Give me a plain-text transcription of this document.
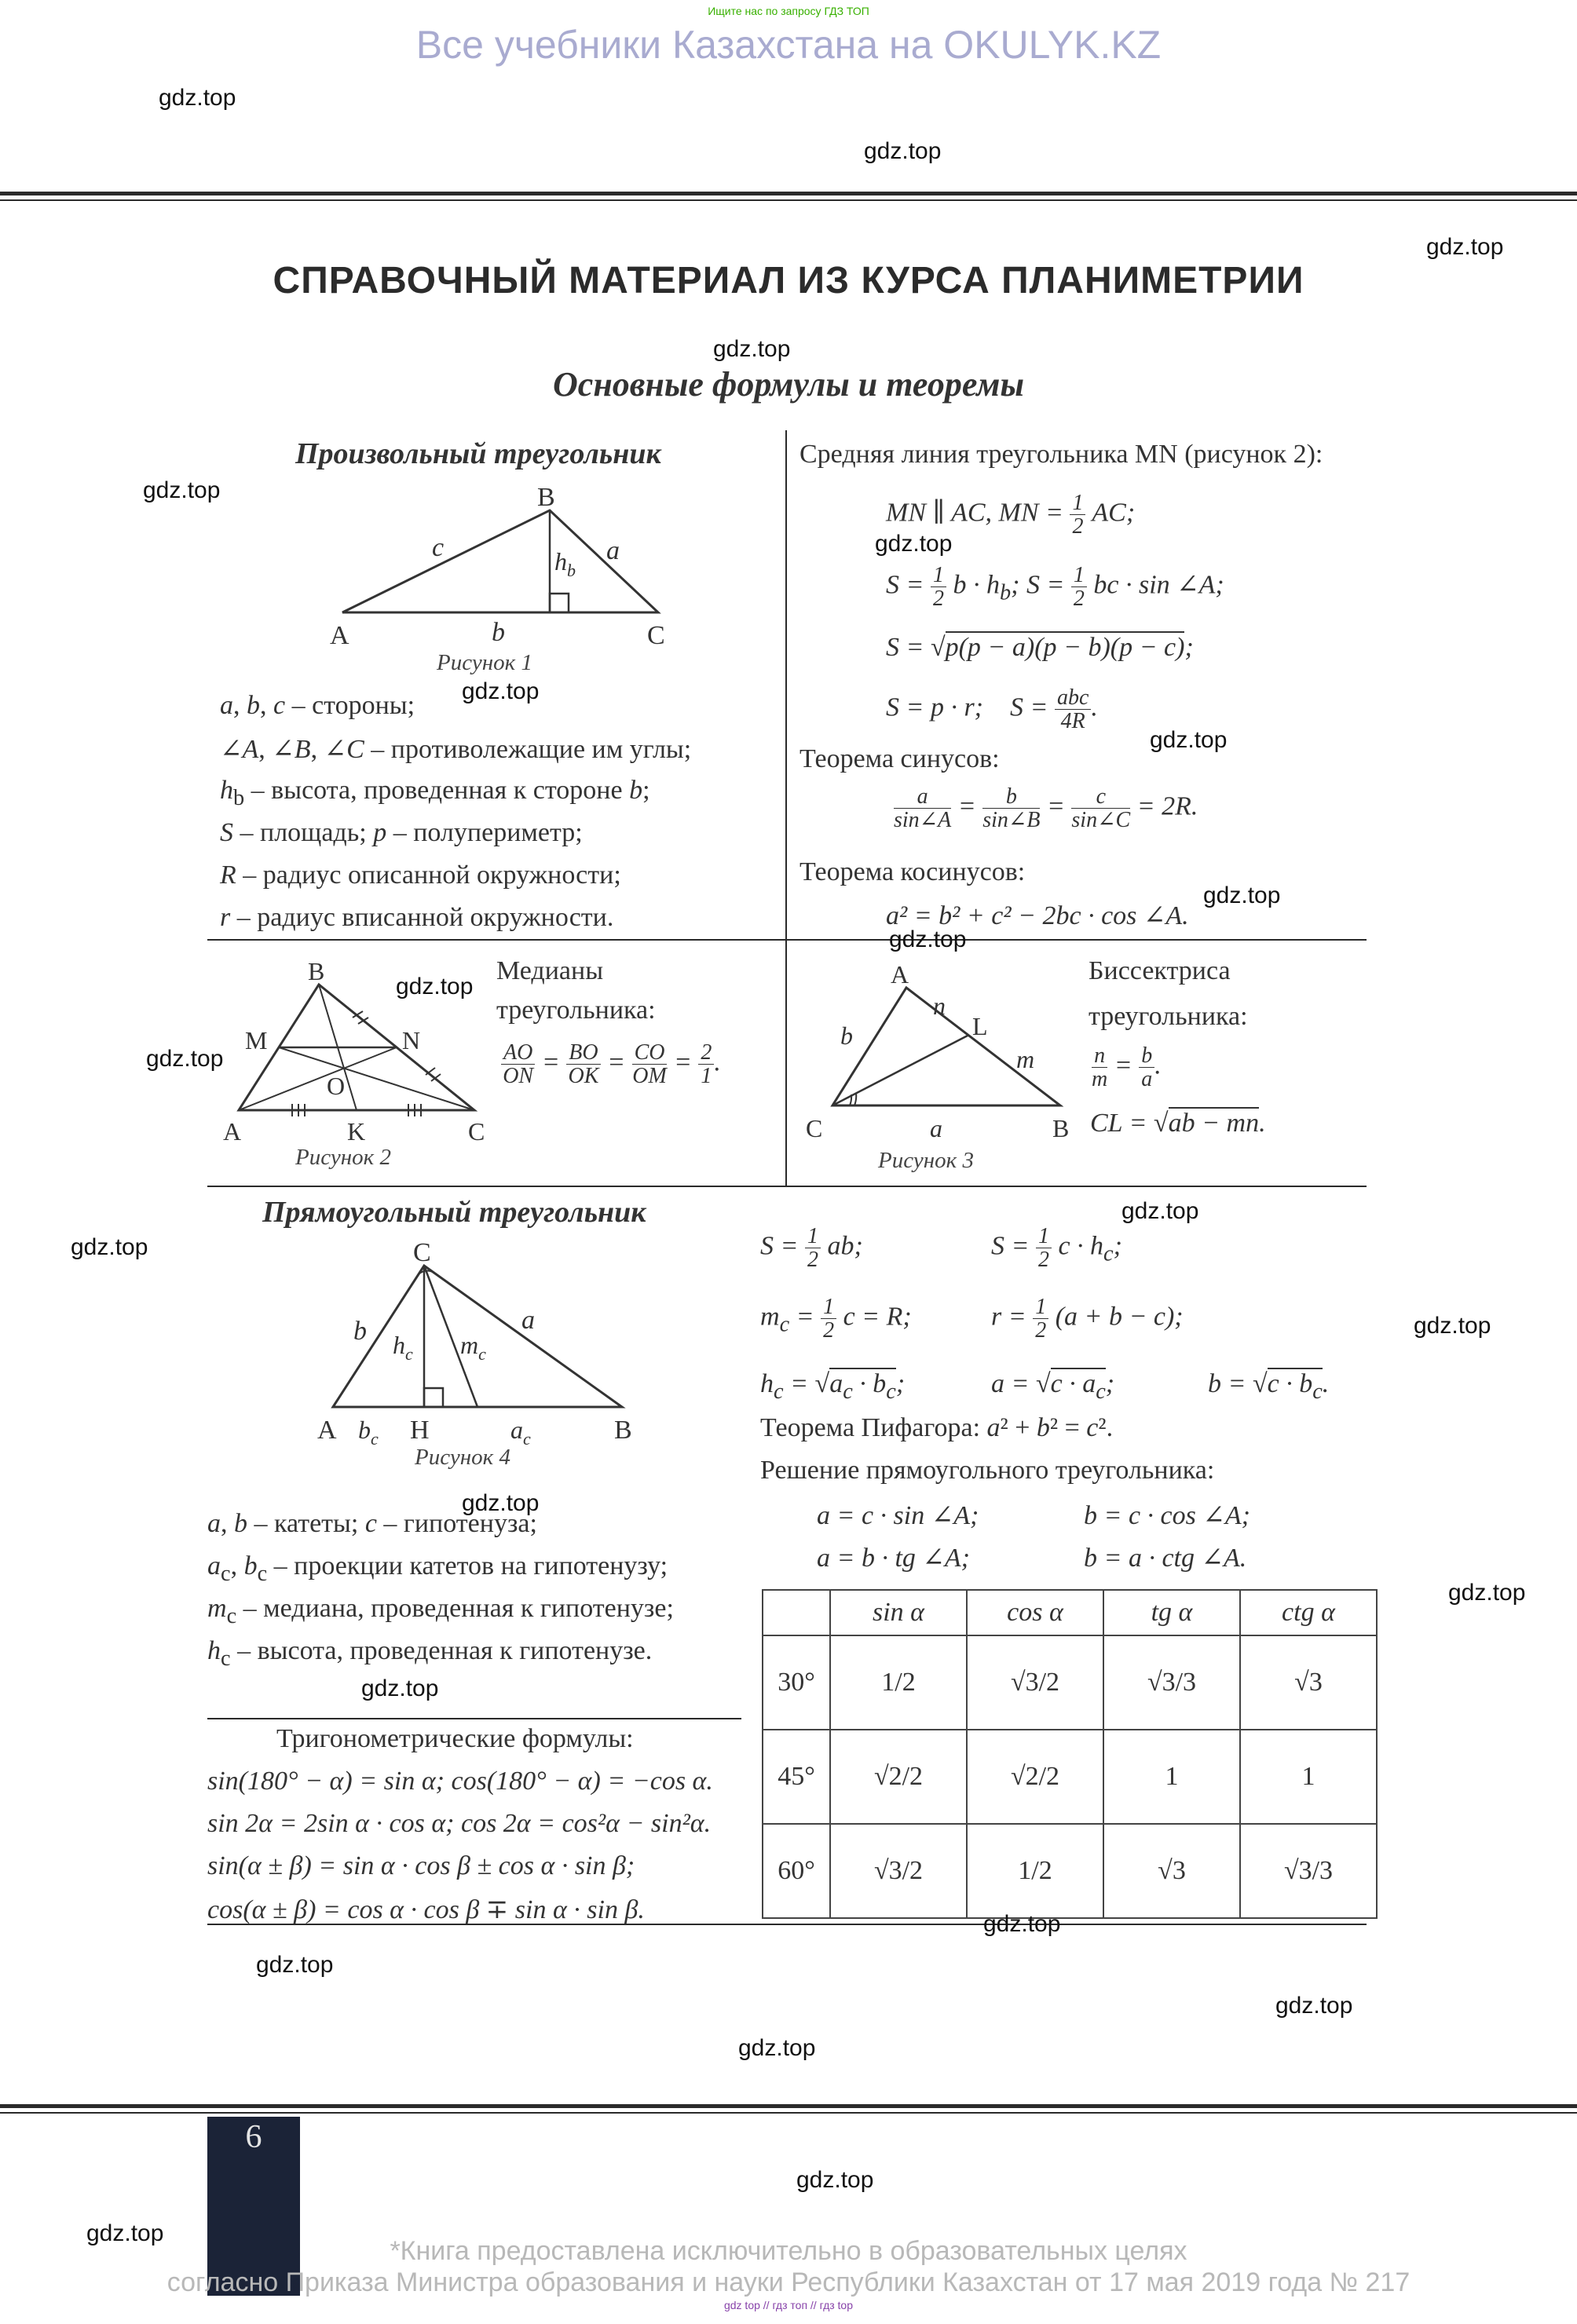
Ищите нас по запросу ГДЗ ТОП
Все учебники Казахстана на OKULYK.KZ
СПРАВОЧНЫЙ МАТЕРИАЛ ИЗ КУРСА ПЛАНИМЕТРИИ
Основные формулы и теоремы
Произвольный треугольник
B
A	C
c	a
b
$h_b$
Рисунок 1
a, b, c – стороны;
∠A, ∠B, ∠C – противолежащие им углы;
$h_b$ – высота, проведенная к стороне b;
S – площадь; p – полупериметр;
R – радиус описанной окружности;
r – радиус вписанной окружности.
Средняя линия треугольника MN (рисунок 2):
MN ∥ AC, MN = $\frac{1}{2}$ AC;
$S = \frac{1}{2}$ $b \cdot h_b$; $S = \frac{1}{2}$ bc · sin ∠A;
S = √p(p − a)(p − b)(p − c);
S = p · r;    $S = \frac{\text{abc}}{4R}$ .
Теорема синусов:
$\frac{a}{\sin\angle A} = \frac{b}{\sin\angle B} = \frac{c}{\sin\angle C} = 2R$.
Теорема косинусов:
a² = b² + c² − 2bc · cos ∠A.
B
M	N
O
A	K	C
Рисунок 2
Медианы
треугольника:
$\frac{AO}{ON} = \frac{BO}{OK} = \frac{CO}{OM} = \frac{2}{1}$ .
A
n
L
b
m
C	a	B
Рисунок 3
Биссектриса
треугольника:
$\frac{n}{m} = \frac{b}{a}$ .
CL = √ab − mn.
Прямоугольный треугольник
C
b	a
$h_c$ $m_c$
A $b_c$ H	$a_c$	B
Рисунок 4
a, b – катеты; c – гипотенуза;
$a_c$, $b_c$ – проекции катетов на гипотенузу;
$m_c$ – медиана, проведенная к гипотенузе;
$h_c$ – высота, проведенная к гипотенузе.
$S = \frac{1}{2}$ ab;	$S = \frac{1}{2}$ $c \cdot h_c$;
$m_c = \frac{1}{2}$ c = R;	$r = \frac{1}{2} (a + b - c)$;
$h_c = √a_c \cdot b_c$;	$a = √c \cdot a_c$;	$b = √c \cdot b_c$.
Теорема Пифагора: a² + b² = c².
Решение прямоугольного треугольника:
a = c · sin ∠A;	b = c · cos ∠A;
a = b · tg ∠A;	b = a · ctg ∠A.
Тригонометрические формулы:
sin(180° − α) = sin α; cos(180° − α) = −cos α.
sin 2α = 2sin α · cos α; cos 2α = cos²α − sin²α.
sin(α ± β) = sin α · cos β ± cos α · sin β;
cos(α ± β) = cos α · cos β ∓ sin α · sin β.
	sin α	cos α	tg α	ctg α
30°	1/2	√3/2	√3/3	√3
45°	√2/2	√2/2	1	1
60°	√3/2	1/2	√3	√3/3
6
*Книга предоставлена исключительно в образовательных целях
согласно Приказа Министра образования и науки Республики Казахстан от 17 мая 2019 года № 217
gdz top // гдз топ // гдз top
gdz.top
gdz.top
gdz.top
gdz.top
gdz.top
gdz.top
gdz.top
gdz.top
gdz.top
gdz.top
gdz.top
gdz.top
gdz.top
gdz.top
gdz.top
gdz.top
gdz.top
gdz.top
gdz.top
gdz.top
gdz.top
gdz.top
gdz.top
gdz.top
